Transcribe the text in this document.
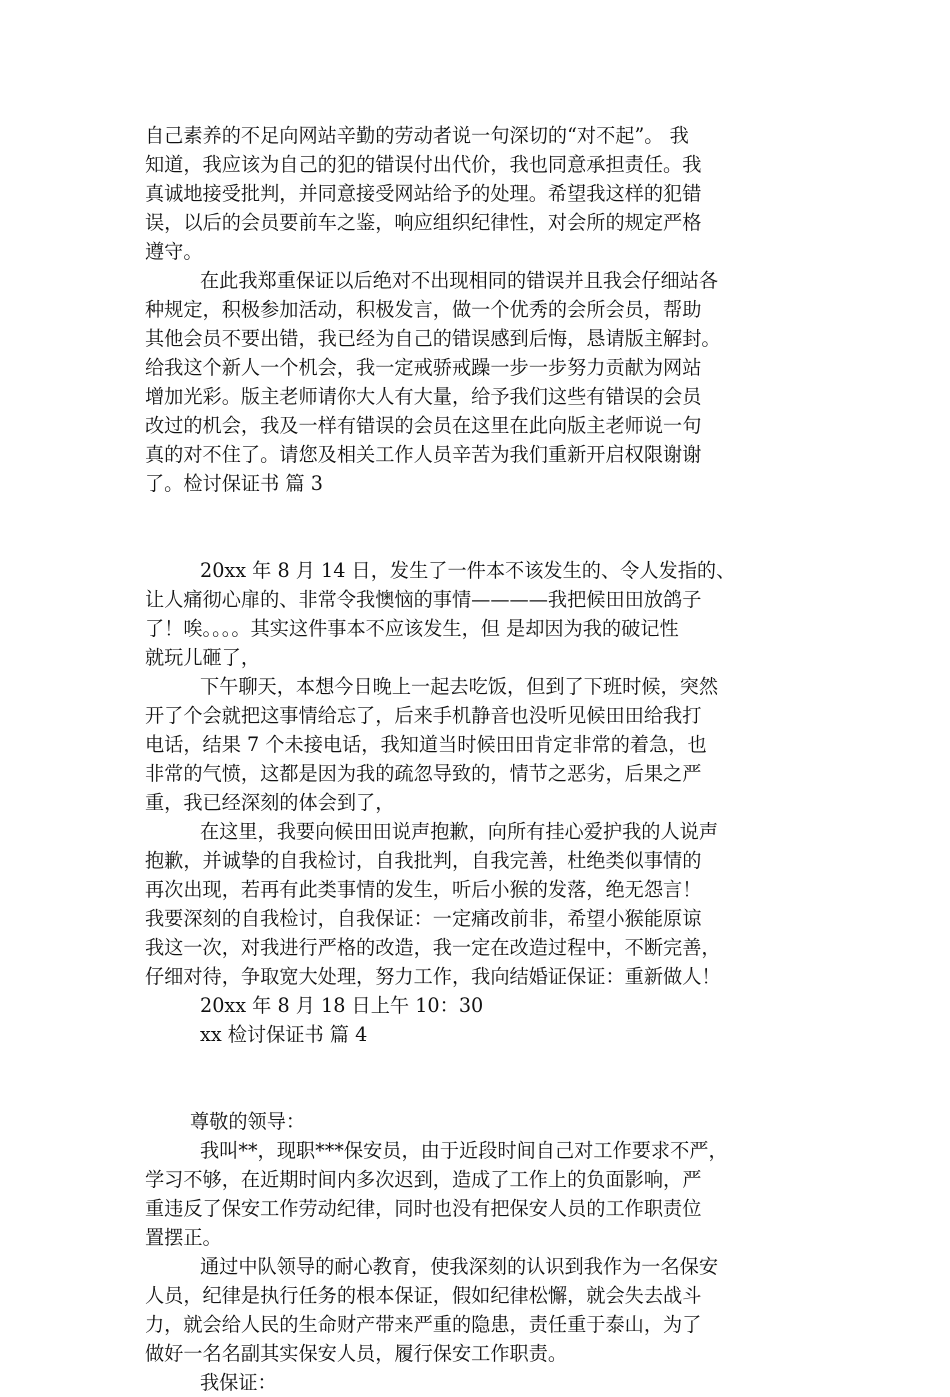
自己素养的不足向网站辛勤的劳动者说一句深切的“对不起”。 我
知道，我应该为自己的犯的错误付出代价，我也同意承担责任。我
真诚地接受批判，并同意接受网站给予的处理。希望我这样的犯错
误，以后的会员要前车之鉴，响应组织纪律性，对会所的规定严格
遵守。
在此我郑重保证以后绝对不出现相同的错误并且我会仔细站各
种规定，积极参加活动，积极发言，做一个优秀的会所会员，帮助
其他会员不要出错，我已经为自己的错误感到后悔，恳请版主解封。
给我这个新人一个机会，我一定戒骄戒躁一步一步努力贡献为网站
增加光彩。版主老师请你大人有大量，给予我们这些有错误的会员
改过的机会，我及一样有错误的会员在这里在此向版主老师说一句
真的对不住了。请您及相关工作人员辛苦为我们重新开启权限谢谢
了。检讨保证书 篇 3
20xx 年 8 月 14 日，发生了一件本不该发生的、令人发指的、
让人痛彻心扉的、非常令我懊恼的事情————我把候田田放鸽子
了！唉。。。。其实这件事本不应该发生，但 是却因为我的破记性
就玩儿砸了，
下午聊天，本想今日晚上一起去吃饭，但到了下班时候，突然
开了个会就把这事情给忘了，后来手机静音也没听见候田田给我打
电话，结果 7 个未接电话，我知道当时候田田肯定非常的着急，也
非常的气愤，这都是因为我的疏忽导致的，情节之恶劣，后果之严
重，我已经深刻的体会到了，
在这里，我要向候田田说声抱歉，向所有挂心爱护我的人说声
抱歉，并诚挚的自我检讨，自我批判，自我完善，杜绝类似事情的
再次出现，若再有此类事情的发生，听后小猴的发落，绝无怨言！
我要深刻的自我检讨，自我保证：一定痛改前非，希望小猴能原谅
我这一次，对我进行严格的改造，我一定在改造过程中，不断完善，
仔细对待，争取宽大处理，努力工作，我向结婚证保证：重新做人！
20xx 年 8 月 18 日上午 10：30
xx 检讨保证书 篇 4
尊敬的领导：
我叫**，现职***保安员，由于近段时间自己对工作要求不严，
学习不够，在近期时间内多次迟到，造成了工作上的负面影响，严
重违反了保安工作劳动纪律，同时也没有把保安人员的工作职责位
置摆正。
通过中队领导的耐心教育，使我深刻的认识到我作为一名保安
人员，纪律是执行任务的根本保证，假如纪律松懈，就会失去战斗
力，就会给人民的生命财产带来严重的隐患，责任重于泰山，为了
做好一名名副其实保安人员，履行保安工作职责。
我保证：
